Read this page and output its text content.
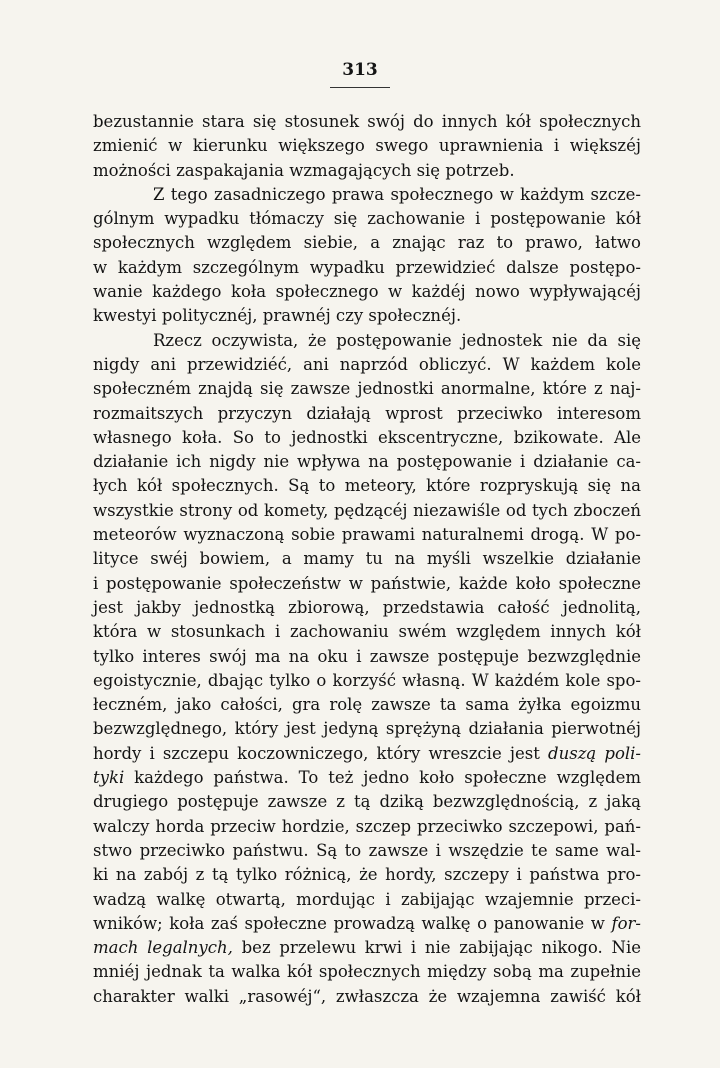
313
bezustannie stara się stosunek swój do innych kół społecznych
zmienić w kierunku większego swego uprawnienia i większéj
możności zaspakajania wzmagających się potrzeb.
Z tego zasadniczego prawa społecznego w każdym szcze-
gólnym wypadku tłómaczy się zachowanie i postępowanie kół
społecznych względem siebie, a znając raz to prawo, łatwo
w każdym szczególnym wypadku przewidzieć dalsze postępo-
wanie każdego koła społecznego w każdéj nowo wypływającéj
kwestyi politycznéj, prawnéj czy społecznéj.
Rzecz oczywista, że postępowanie jednostek nie da się
nigdy ani przewidziéć, ani naprzód obliczyć. W każdem kole
społeczném znajdą się zawsze jednostki anormalne, które z naj-
rozmaitszych przyczyn działają wprost przeciwko interesom
własnego koła. So to jednostki ekscentryczne, bzikowate. Ale
działanie ich nigdy nie wpływa na postępowanie i działanie ca-
łych kół społecznych. Są to meteory, które rozpryskują się na
wszystkie strony od komety, pędzącéj niezawiśle od tych zboczeń
meteorów wyznaczoną sobie prawami naturalnemi drogą. W po-
lityce swéj bowiem, a mamy tu na myśli wszelkie działanie
i postępowanie społeczeństw w państwie, każde koło społeczne
jest jakby jednostką zbiorową, przedstawia całość jednolitą,
która w stosunkach i zachowaniu swém względem innych kół
tylko interes swój ma na oku i zawsze postępuje bezwzględnie
egoistycznie, dbając tylko o korzyść własną. W każdém kole spo-
łeczném, jako całości, gra rolę zawsze ta sama żyłka egoizmu
bezwzględnego, który jest jedyną sprężyną działania pierwotnéj
hordy i szczepu koczowniczego, który wreszcie jest duszą poli-
tyki każdego państwa. To też jedno koło społeczne względem
drugiego postępuje zawsze z tą dziką bezwzględnością, z jaką
walczy horda przeciw hordzie, szczep przeciwko szczepowi, pań-
stwo przeciwko państwu. Są to zawsze i wszędzie te same wal-
ki na zabój z tą tylko różnicą, że hordy, szczepy i państwa pro-
wadzą walkę otwartą, mordując i zabijając wzajemnie przeci-
wników; koła zaś społeczne prowadzą walkę o panowanie w for-
mach legalnych, bez przelewu krwi i nie zabijając nikogo. Nie
mniéj jednak ta walka kół społecznych między sobą ma zupełnie
charakter walki „rasowéj“, zwłaszcza że wzajemna zawiść kół
